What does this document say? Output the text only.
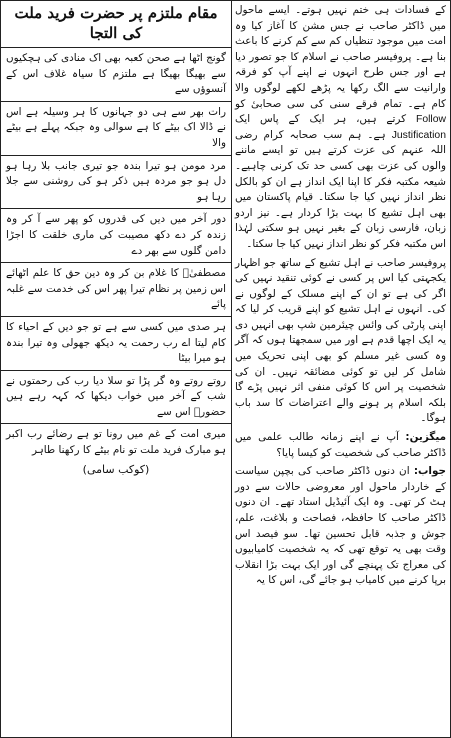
کے فسادات ہی ختم نہیں ہوتے۔ ایسے ماحول میں ڈاکٹر صاحب نے جس مشن کا آغاز کیا وہ امت میں موجود تنظیاں کم سے کم کرنے کا باعث بنا ہے۔ پروفیسر صاحب نے اسلام کا جو تصور دیا ہے اور جس طرح انہوں نے اپنے آپ کو فرقہ وارانیت سے الگ رکھا یہ پڑھے لکھے لوگوں والا کام ہے۔ تمام فرقے سنی کی سی صحابیٔ کو Follow کرتے ہیں، ہر ایک کے پاس ایک Justification ہے۔ ہم سب صحابہ کرام رضی اللہ عنہم کی عزت کرتے ہیں تو ایسے ماننے والوں کی عزت بھی کسی حد تک کرنی چاہیے۔ شیعہ مکتبہ فکر کا اپنا ایک انداز ہے ان کو بالکل نظر انداز نہیں کیا جا سکتا۔ قیام پاکستان میں بھی اہل تشیع کا بہت بڑا کردار ہے۔ نیز اردو زبان، فارسی زبان کے بغیر نہیں ہو سکتی لہٰذا اس مکتبہ فکر کو نظر انداز نہیں کیا جا سکتا۔

پروفیسر صاحب نے اہل تشیع کے ساتھ جو اظہار یکجہتی کیا اس پر کسی نے کوئی تنقید نہیں کی اگر کی ہے تو ان کے اپنے مسلک کے لوگوں نے کی۔ انہوں نے اہل تشیع کو اپنے قریب کر لیا کہ اپنی پارٹی کی وائس چیئرمین شپ بھی انہیں دی یہ ایک اچھا قدم ہے اور میں سمجھتا ہوں کہ آگر وہ کسی غیر مسلم کو بھی اپنی تحریک میں شامل کر لیں تو کوئی مضائقہ نہیں۔ ان کی شخصیت پر اس کا کوئی منفی اثر نہیں پڑے گا بلکہ اسلام پر ہونے والے اعتراضات کا سد باب ہوگا۔

میگزین: آپ نے اپنے زمانہ طالب علمی میں ڈاکٹر صاحب کی شخصیت کو کیسا پایا؟

جواب: ان دنوں ڈاکٹر صاحب کی بچپن سیاست کے خاردار ماحول اور معروضی حالات سے دور ہٹ کر تھی۔ وہ ایک آئیڈیل استاد تھے۔ ان دنوں ڈاکٹر صاحب کا حافظہ، فصاحت و بلاغت، علم، جوش و جذبہ قابل تحسین تھا۔ سو فیصد اس وقت بھی یہ توقع تھی کہ یہ شخصیت کامیابیوں کی معراج تک پہنچے گی اور ایک بہت بڑا انقلاب برپا کرنے میں کامیاب ہو جائے گی، اس کا یہ

مقام ملتزم پر حضرت فرید ملت کی التجا

گونج اٹھا ہے صحن کعبہ بھی اک منادی کی ہچکیوں سے بھیگا بھیگا ہے ملتزم کا سیاہ غلاف اس کے آنسوؤں سے

رات بھر سے ہی دو جہانوں کا ہر وسیلہ ہے اس نے ڈالا اک بیٹے کا ہے سوالی وہ جبکہ پہلے ہے بیٹے والا

مرد مومن ہو تیرا بندہ جو تیری جانب بلا رہا ہو دل ہو جو مردہ ہیں ذکر ہو کی روشنی سے جلا رہا ہو

دور آخر میں دیں کی قدروں کو پھر سے آ کر وہ زندہ کر دے دکھ مصیبت کی ماری خلقت کا اجڑا دامن گلوں سے بھر دے

مصطفیٰؐ کا غلام بن کر وہ دین حق کا علم اٹھائے اس زمین پر نظام تیرا پھر اس کی خدمت سے غلبہ پائے

ہر صدی میں کسی سے ہے تو جو دیں کے احیاء کا کام لیتا اے رب رحمت یہ دیکھ جھولی وہ تیرا بندہ ہو میرا بیٹا

روتے روتے وہ گر پڑا تو سلا دیا رب کی رحمتوں نے شب کے آخر میں خواب دیکھا کہ کہہ رہے ہیں حضورؐ اس سے

میری امت کے غم میں رونا تو ہے رضائے رب اکبر ہو مبارک فرید ملت تو نام بیٹے کا رکھنا طاہر

(کوکب سامی)
